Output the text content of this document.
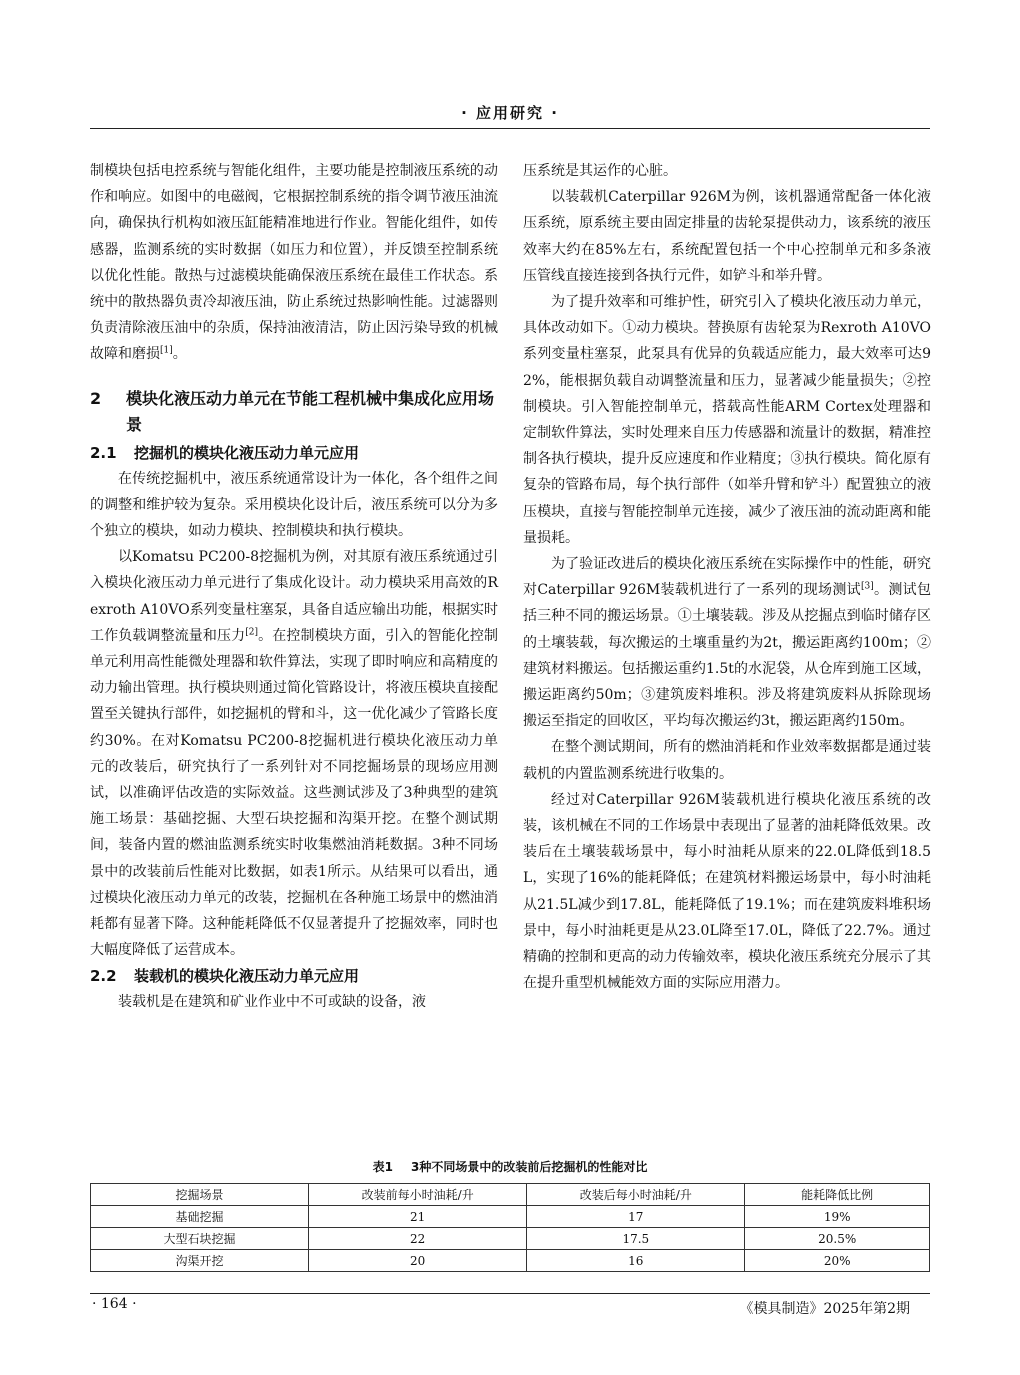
· 应用研究 ·

制模块包括电控系统与智能化组件，主要功能是控制液压系统的动作和响应。如图中的电磁阀，它根据控制系统的指令调节液压油流向，确保执行机构如液压缸能精准地进行作业。智能化组件，如传感器，监测系统的实时数据（如压力和位置），并反馈至控制系统以优化性能。散热与过滤模块能确保液压系统在最佳工作状态。系统中的散热器负责冷却液压油，防止系统过热影响性能。过滤器则负责清除液压油中的杂质，保持油液清洁，防止因污染导致的机械故障和磨损[1]。

2	模块化液压动力单元在节能工程机械中集成化应用场景
2.1	挖掘机的模块化液压动力单元应用

在传统挖掘机中，液压系统通常设计为一体化，各个组件之间的调整和维护较为复杂。采用模块化设计后，液压系统可以分为多个独立的模块，如动力模块、控制模块和执行模块。

以Komatsu PC200-8挖掘机为例，对其原有液压系统通过引入模块化液压动力单元进行了集成化设计。动力模块采用高效的Rexroth A10VO系列变量柱塞泵，具备自适应输出功能，根据实时工作负载调整流量和压力[2]。在控制模块方面，引入的智能化控制单元利用高性能微处理器和软件算法，实现了即时响应和高精度的动力输出管理。执行模块则通过简化管路设计，将液压模块直接配置至关键执行部件，如挖掘机的臂和斗，这一优化减少了管路长度约30%。在对Komatsu PC200-8挖掘机进行模块化液压动力单元的改装后，研究执行了一系列针对不同挖掘场景的现场应用测试，以准确评估改造的实际效益。这些测试涉及了3种典型的建筑施工场景：基础挖掘、大型石块挖掘和沟渠开挖。在整个测试期间，装备内置的燃油监测系统实时收集燃油消耗数据。3种不同场景中的改装前后性能对比数据，如表1所示。从结果可以看出，通过模块化液压动力单元的改装，挖掘机在各种施工场景中的燃油消耗都有显著下降。这种能耗降低不仅显著提升了挖掘效率，同时也大幅度降低了运营成本。

2.2	装载机的模块化液压动力单元应用

装载机是在建筑和矿业作业中不可或缺的设备，液

压系统是其运作的心脏。

以装载机Caterpillar 926M为例，该机器通常配备一体化液压系统，原系统主要由固定排量的齿轮泵提供动力，该系统的液压效率大约在85%左右，系统配置包括一个中心控制单元和多条液压管线直接连接到各执行元件，如铲斗和举升臂。

为了提升效率和可维护性，研究引入了模块化液压动力单元，具体改动如下。①动力模块。替换原有齿轮泵为Rexroth A10VO系列变量柱塞泵，此泵具有优异的负载适应能力，最大效率可达92%，能根据负载自动调整流量和压力，显著减少能量损失；②控制模块。引入智能控制单元，搭载高性能ARM Cortex处理器和定制软件算法，实时处理来自压力传感器和流量计的数据，精准控制各执行模块，提升反应速度和作业精度；③执行模块。简化原有复杂的管路布局，每个执行部件（如举升臂和铲斗）配置独立的液压模块，直接与智能控制单元连接，减少了液压油的流动距离和能量损耗。

为了验证改进后的模块化液压系统在实际操作中的性能，研究对Caterpillar 926M装载机进行了一系列的现场测试[3]。测试包括三种不同的搬运场景。①土壤装载。涉及从挖掘点到临时储存区的土壤装载，每次搬运的土壤重量约为2t，搬运距离约100m；②建筑材料搬运。包括搬运重约1.5t的水泥袋，从仓库到施工区域，搬运距离约50m；③建筑废料堆积。涉及将建筑废料从拆除现场搬运至指定的回收区，平均每次搬运约3t，搬运距离约150m。

在整个测试期间，所有的燃油消耗和作业效率数据都是通过装载机的内置监测系统进行收集的。

经过对Caterpillar 926M装载机进行模块化液压系统的改装，该机械在不同的工作场景中表现出了显著的油耗降低效果。改装后在土壤装载场景中，每小时油耗从原来的22.0L降低到18.5L，实现了16%的能耗降低；在建筑材料搬运场景中，每小时油耗从21.5L减少到17.8L，能耗降低了19.1%；而在建筑废料堆积场景中，每小时油耗更是从23.0L降至17.0L，降低了22.7%。通过精确的控制和更高的动力传输效率，模块化液压系统充分展示了其在提升重型机械能效方面的实际应用潜力。

表1 3种不同场景中的改装前后挖掘机的性能对比
挖掘场景	改装前每小时油耗/升	改装后每小时油耗/升	能耗降低比例
基础挖掘	21	17	19%
大型石块挖掘	22	17.5	20.5%
沟渠开挖	20	16	20%
· 164 ·	《模具制造》2025年第2期
